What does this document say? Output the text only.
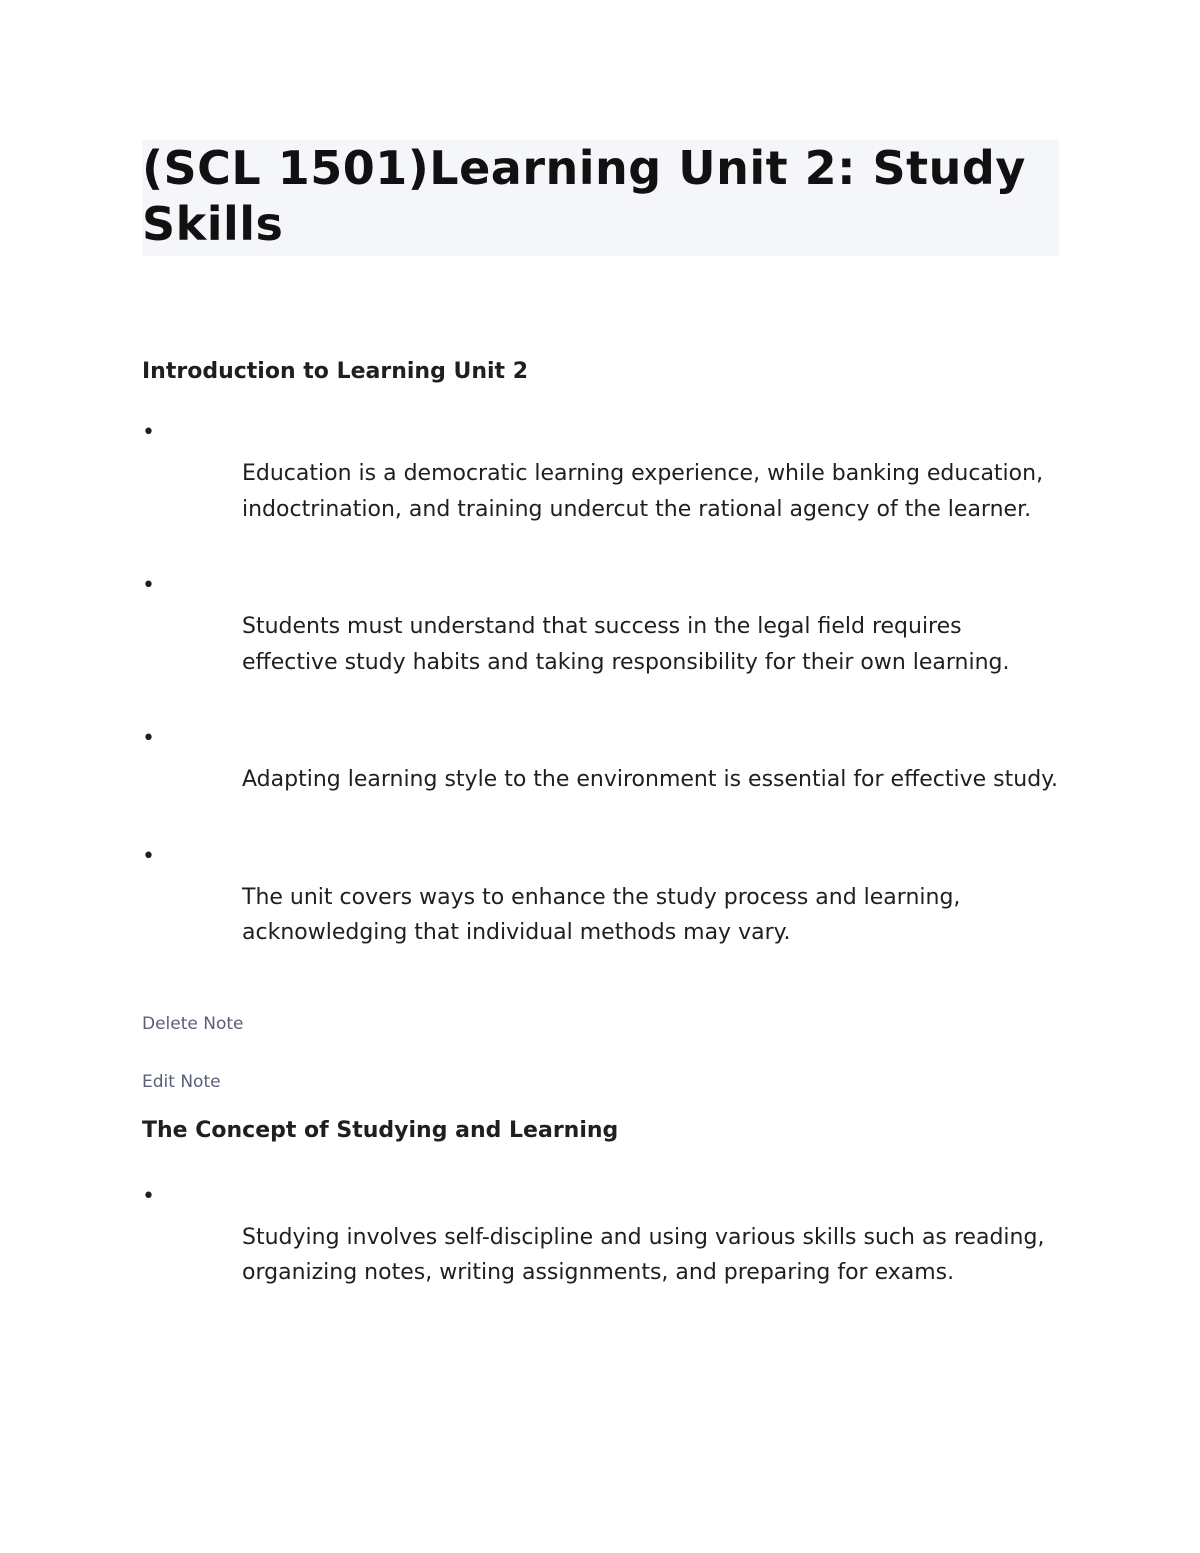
(SCL 1501)Learning Unit 2: Study Skills
Introduction to Learning Unit 2
•

Education is a democratic learning experience, while banking education, indoctrination, and training undercut the rational agency of the learner.

•

Students must understand that success in the legal field requires effective study habits and taking responsibility for their own learning.

•

Adapting learning style to the environment is essential for effective study.

•

The unit covers ways to enhance the study process and learning, acknowledging that individual methods may vary.

Delete Note
Edit Note
The Concept of Studying and Learning
•

Studying involves self-discipline and using various skills such as reading, organizing notes, writing assignments, and preparing for exams.
